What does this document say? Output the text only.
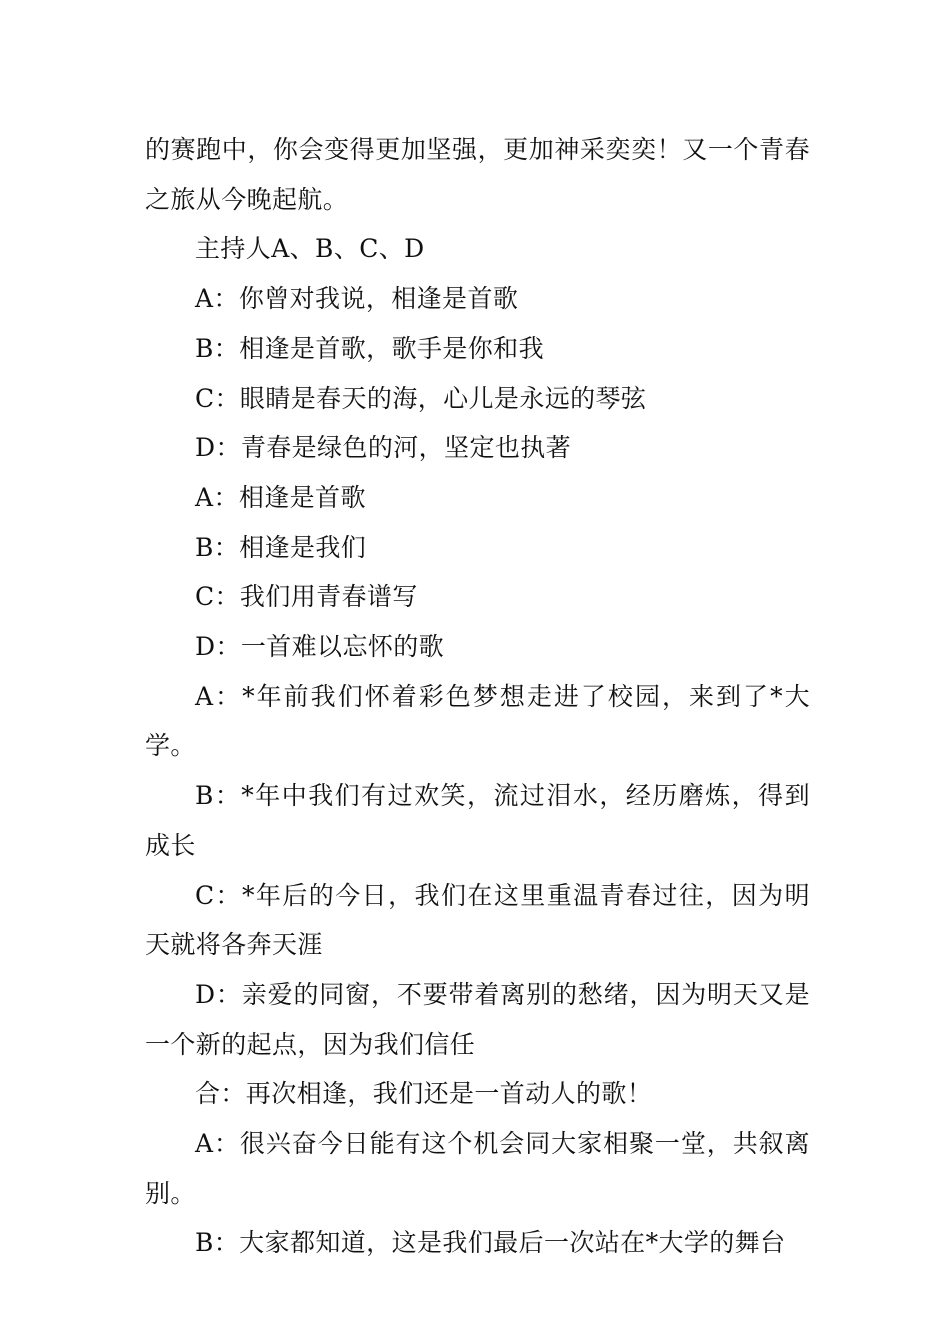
的赛跑中，你会变得更加坚强，更加神采奕奕！又一个青春之旅从今晚起航。

主持人A、B、C、D

A：你曾对我说，相逢是首歌

B：相逢是首歌，歌手是你和我

C：眼睛是春天的海，心儿是永远的琴弦

D：青春是绿色的河，坚定也执著

A：相逢是首歌

B：相逢是我们

C：我们用青春谱写

D：一首难以忘怀的歌

A：*年前我们怀着彩色梦想走进了校园，来到了*大学。

B：*年中我们有过欢笑，流过泪水，经历磨炼，得到成长

C：*年后的今日，我们在这里重温青春过往，因为明天就将各奔天涯

D：亲爱的同窗，不要带着离别的愁绪，因为明天又是一个新的起点，因为我们信任

合：再次相逢，我们还是一首动人的歌！

A：很兴奋今日能有这个机会同大家相聚一堂，共叙离别。

B：大家都知道，这是我们最后一次站在*大学的舞台
